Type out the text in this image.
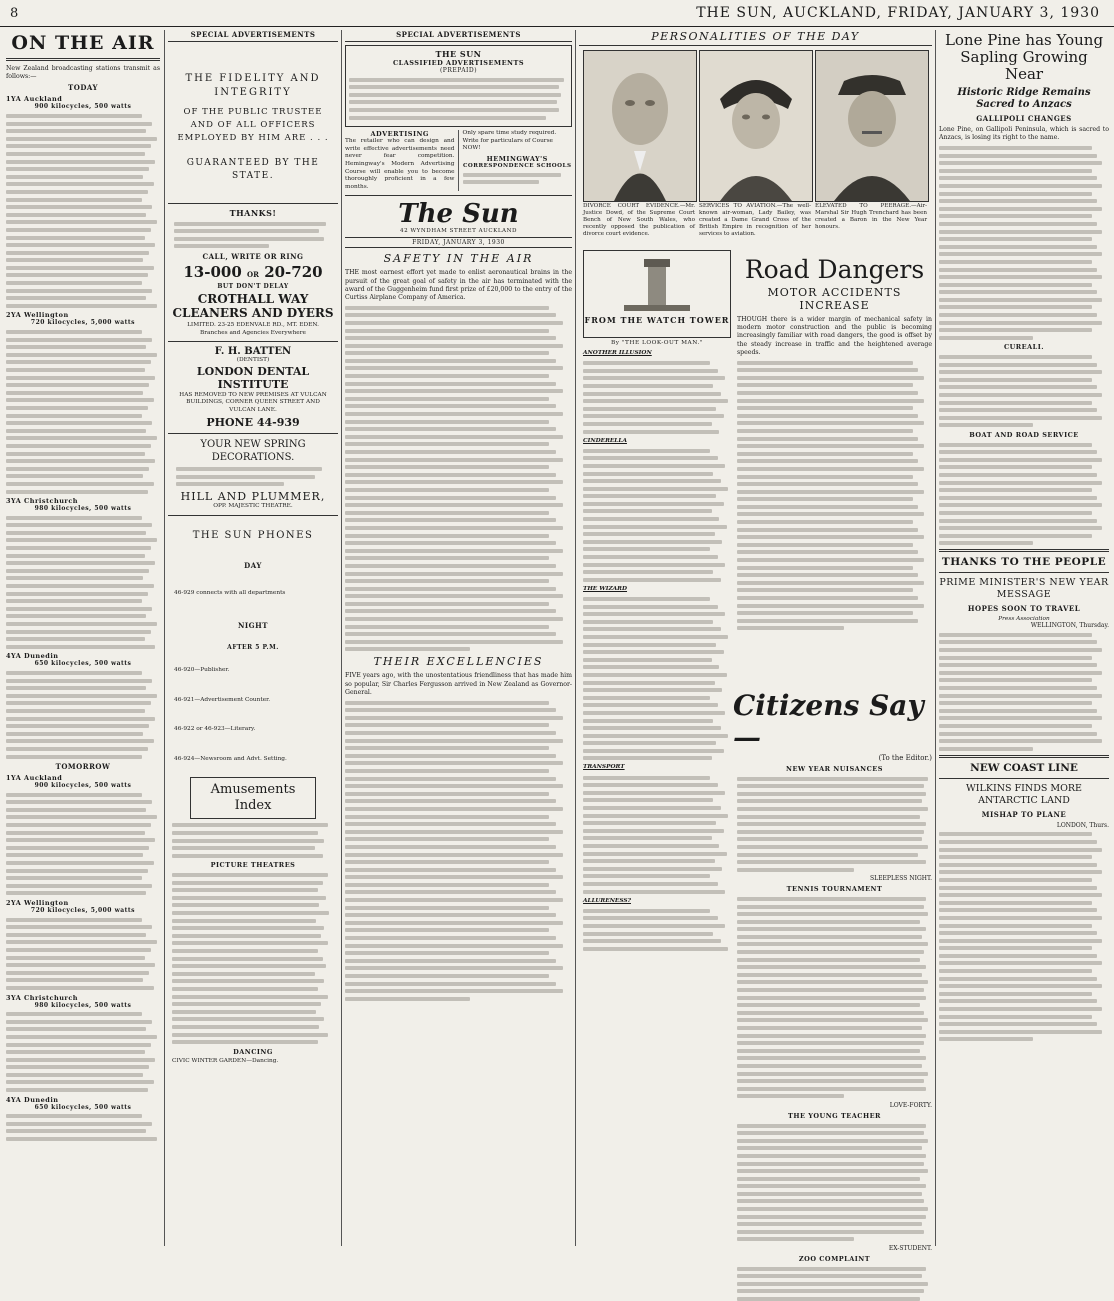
8	THE SUN, AUCKLAND, FRIDAY, JANUARY 3, 1930
ON THE AIR
New Zealand broadcasting stations transmit as follows:—
TODAY
1YA Auckland
900 kilocycles, 500 watts
2YA Wellington
720 kilocycles, 5,000 watts
3YA Christchurch
980 kilocycles, 500 watts
4YA Dunedin
650 kilocycles, 500 watts
TOMORROW
1YA Auckland
900 kilocycles, 500 watts
2YA Wellington
720 kilocycles, 5,000 watts
3YA Christchurch
980 kilocycles, 500 watts
4YA Dunedin
650 kilocycles, 500 watts
SPECIAL ADVERTISEMENTS
THE FIDELITY AND INTEGRITY
OF THE PUBLIC TRUSTEE AND OF ALL OFFICERS EMPLOYED BY HIM ARE . . .
GUARANTEED BY THE STATE.
THANKS!
CALL, WRITE OR RING
13-000 OR 20-720
BUT DON'T DELAY
CROTHALL WAY CLEANERS AND DYERS
LIMITED. 23-25 EDENVALE RD., MT. EDEN. Branches and Agencies Everywhere
F. H. BATTEN
(DENTIST)
LONDON DENTAL INSTITUTE
HAS REMOVED TO NEW PREMISES AT VULCAN BUILDINGS, CORNER QUEEN STREET AND VULCAN LANE.
PHONE 44-939
YOUR NEW SPRING DECORATIONS.
HILL AND PLUMMER,
OPP. MAJESTIC THEATRE.
THE SUN PHONES
DAY
46-929 connects with all departments
NIGHT
AFTER 5 P.M.
46-920—Publisher.
46-921—Advertisement Counter.
46-922 or 46-923—Literary.
46-924—Newsroom and Advt. Setting.
Amusements Index
PICTURE THEATRES
DANCING
CIVIC WINTER GARDEN—Dancing.
SPECIAL ADVERTISEMENTS
THE SUN
CLASSIFIED ADVERTISEMENTS
(PREPAID)
ADVERTISING
The retailer who can design and write effective advertisements need never fear competition. Hemingway's Modern Advertising Course will enable you to become thoroughly proficient in a few months.
Only spare time study required. Write for particulars of Course NOW!
HEMINGWAY'S
CORRESPONDENCE SCHOOLS
The Sun
42 WYNDHAM STREET AUCKLAND
FRIDAY, JANUARY 3, 1930
SAFETY IN THE AIR
THE most earnest effort yet made to enlist aeronautical brains in the pursuit of the great goal of safety in the air has terminated with the award of the Guggenheim fund first prize of £20,000 to the entry of the Curtiss Airplane Company of America.
THEIR EXCELLENCIES
FIVE years ago, with the unostentatious friendliness that has made him so popular, Sir Charles Fergusson arrived in New Zealand as Governor-General.
PERSONALITIES OF THE DAY
DIVORCE COURT EVIDENCE.—Mr. Justice Dowd, of the Supreme Court Bench of New South Wales, who recently opposed the publication of divorce court evidence.
SERVICES TO AVIATION.—The well-known air-woman, Lady Bailey, was created a Dame Grand Cross of the British Empire in recognition of her services to aviation.
ELEVATED TO PEERAGE.—Air-Marshal Sir Hugh Trenchard has been created a Baron in the New Year honours.
FROM THE WATCH TOWER
By "THE LOOK-OUT MAN."
ANOTHER ILLUSION
CINDERELLA
THE WIZARD
TRANSPORT
ALLURENESS?
Road Dangers
MOTOR ACCIDENTS INCREASE
THOUGH there is a wider margin of mechanical safety in modern motor construction and the public is becoming increasingly familiar with road dangers, the good is offset by the steady increase in traffic and the heightened average speeds.
Citizens Say—
(To the Editor.)
NEW YEAR NUISANCES
SLEEPLESS NIGHT.
TENNIS TOURNAMENT
LOVE-FORTY.
THE YOUNG TEACHER
EX-STUDENT.
ZOO COMPLAINT
Lone Pine has Young Sapling Growing Near
Historic Ridge Remains Sacred to Anzacs
GALLIPOLI CHANGES
Lone Pine, on Gallipoli Peninsula, which is sacred to Anzacs, is losing its right to the name.
CUREALI.
BOAT AND ROAD SERVICE
THANKS TO THE PEOPLE
PRIME MINISTER'S NEW YEAR MESSAGE
HOPES SOON TO TRAVEL
Press Association
WELLINGTON, Thursday.
NEW COAST LINE
WILKINS FINDS MORE ANTARCTIC LAND
MISHAP TO PLANE
LONDON, Thurs.
